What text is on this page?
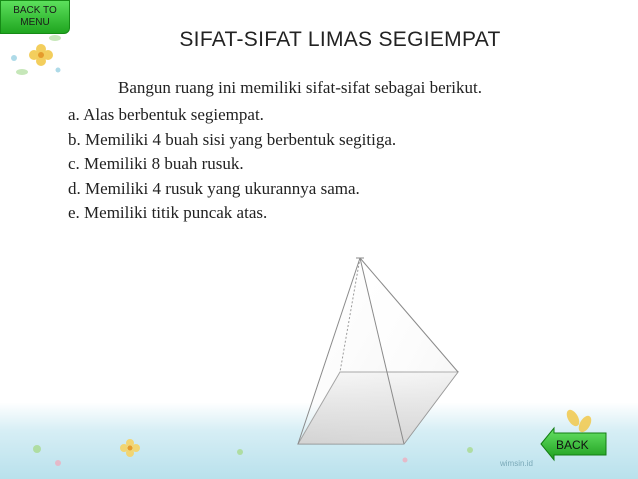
BACK TO
MENU
SIFAT-SIFAT LIMAS SEGIEMPAT
Bangun ruang ini memiliki sifat-sifat sebagai berikut.
a. Alas berbentuk segiempat.
b. Memiliki 4 buah sisi yang berbentuk segitiga.
c. Memiliki 8 buah rusuk.
d. Memiliki 4 rusuk yang ukurannya sama.
e. Memiliki titik puncak atas.
BACK
wimsin.id
